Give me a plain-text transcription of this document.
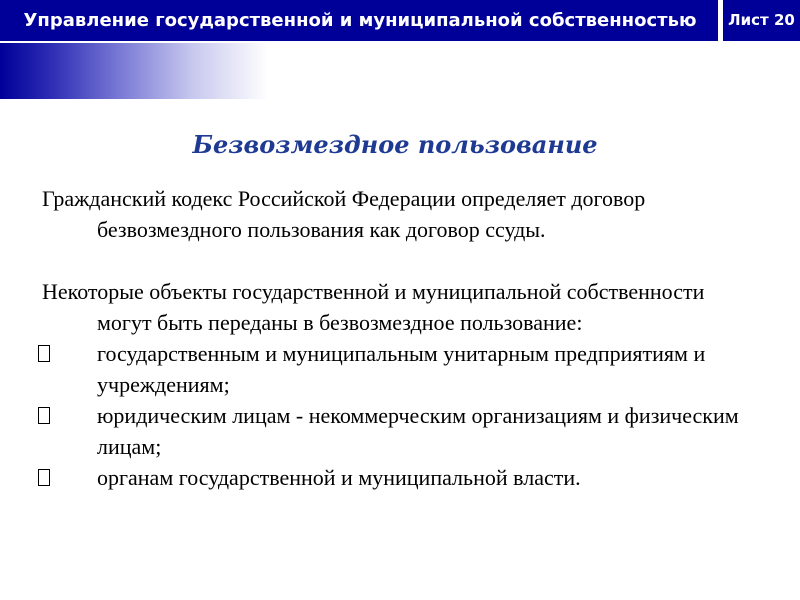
Управление государственной и муниципальной собственностью	Лист 20
Безвозмездное пользование

Гражданский кодекс Российской Федерации определяет договор безвозмездного пользования как договор ссуды.

Некоторые объекты государственной и муниципальной собственности могут быть переданы в безвозмездное пользование:

государственным и муниципальным унитарным предприятиям и учреждениям;
юридическим лицам - некоммерческим организациям и физическим лицам;
органам государственной и муниципальной власти.
